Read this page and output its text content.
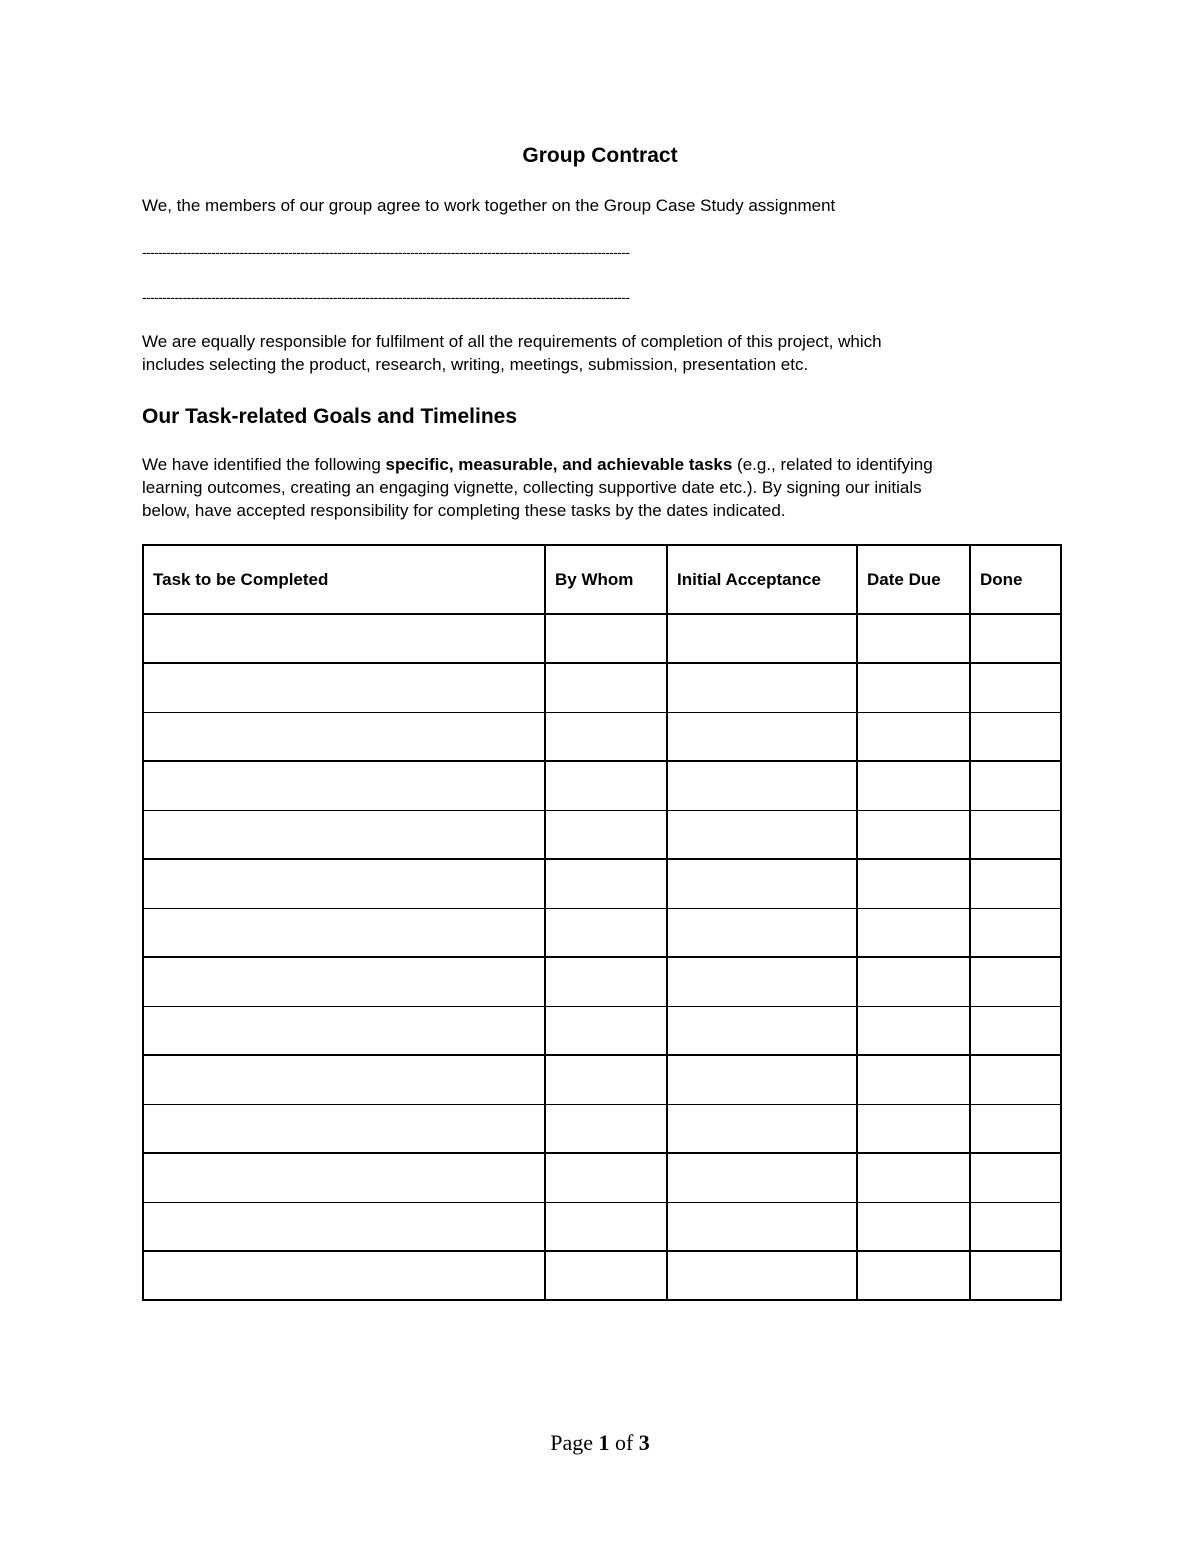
Group Contract
We, the members of our group agree to work together on the Group Case Study assignment
------------------------------------------------------------------------------------------------------------------------
------------------------------------------------------------------------------------------------------------------------
We are equally responsible for fulfilment of all the requirements of completion of this project, which
includes selecting the product, research, writing, meetings, submission, presentation etc.
Our Task-related Goals and Timelines
We have identified the following specific, measurable, and achievable tasks (e.g., related to identifying
learning outcomes, creating an engaging vignette, collecting supportive date etc.). By signing our initials
below, have accepted responsibility for completing these tasks by the dates indicated.
Task to be Completed	By Whom	Initial Acceptance	Date Due	Done

Page 1 of 3
